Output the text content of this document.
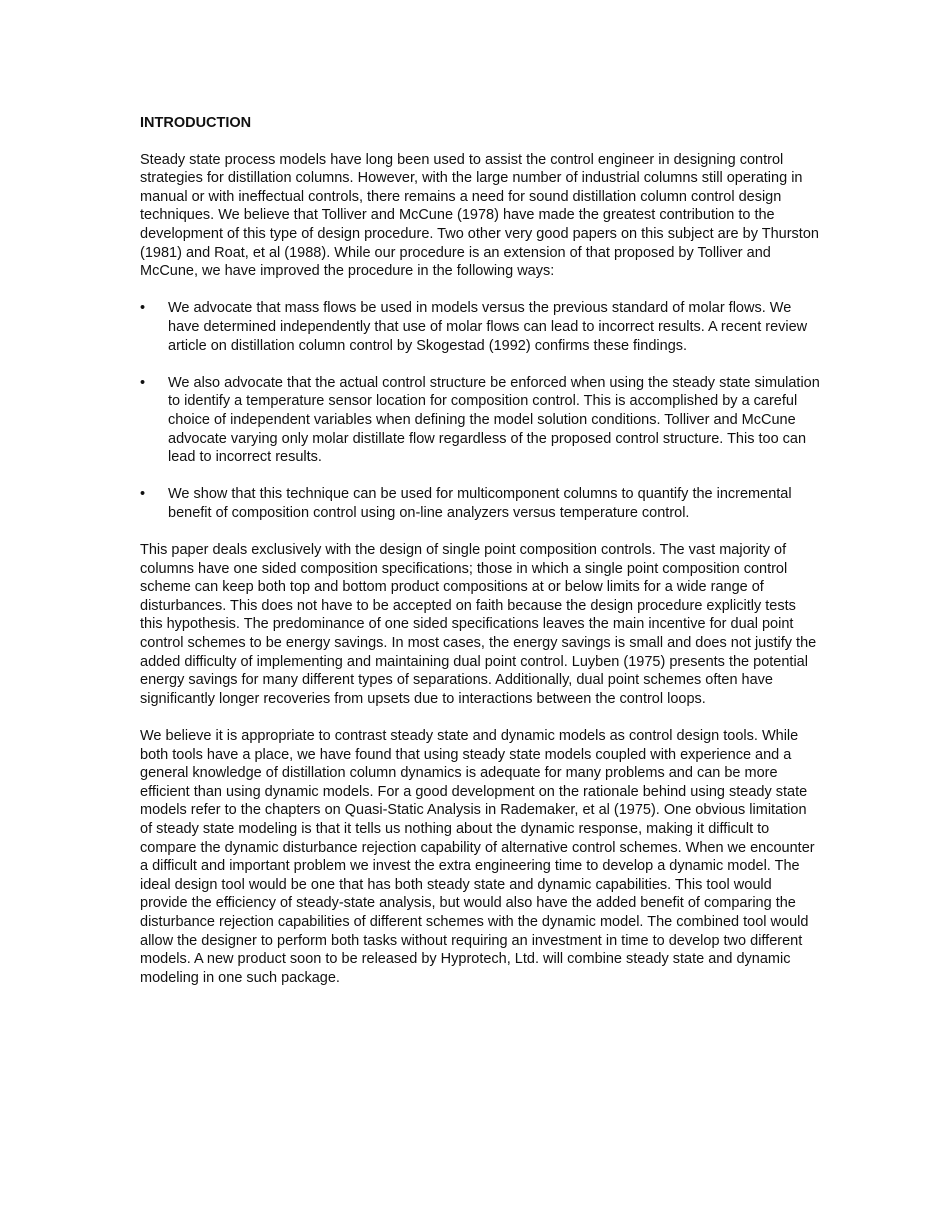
INTRODUCTION

Steady state process models have long been used to assist the control engineer in designing control strategies for distillation columns. However, with the large number of industrial columns still operating in manual or with ineffectual controls, there remains a need for sound distillation column control design techniques. We believe that Tolliver and McCune (1978) have made the greatest contribution to the development of this type of design procedure. Two other very good papers on this subject are by Thurston (1981) and Roat, et al (1988). While our procedure is an extension of that proposed by Tolliver and McCune, we have improved the procedure in the following ways:

•	We advocate that mass flows be used in models versus the previous standard of molar flows. We have determined independently that use of molar flows can lead to incorrect results. A recent review article on distillation column control by Skogestad (1992) confirms these findings.
•	We also advocate that the actual control structure be enforced when using the steady state simulation to identify a temperature sensor location for composition control. This is accomplished by a careful choice of independent variables when defining the model solution conditions. Tolliver and McCune advocate varying only molar distillate flow regardless of the proposed control structure. This too can lead to incorrect results.
•	We show that this technique can be used for multicomponent columns to quantify the incremental benefit of composition control using on-line analyzers versus temperature control.

This paper deals exclusively with the design of single point composition controls. The vast majority of columns have one sided composition specifications; those in which a single point composition control scheme can keep both top and bottom product compositions at or below limits for a wide range of disturbances. This does not have to be accepted on faith because the design procedure explicitly tests this hypothesis. The predominance of one sided specifications leaves the main incentive for dual point control schemes to be energy savings. In most cases, the energy savings is small and does not justify the added difficulty of implementing and maintaining dual point control. Luyben (1975) presents the potential energy savings for many different types of separations. Additionally, dual point schemes often have significantly longer recoveries from upsets due to interactions between the control loops.

We believe it is appropriate to contrast steady state and dynamic models as control design tools. While both tools have a place, we have found that using steady state models coupled with experience and a general knowledge of distillation column dynamics is adequate for many problems and can be more efficient than using dynamic models. For a good development on the rationale behind using steady state models refer to the chapters on Quasi-Static Analysis in Rademaker, et al (1975). One obvious limitation of steady state modeling is that it tells us nothing about the dynamic response, making it difficult to compare the dynamic disturbance rejection capability of alternative control schemes. When we encounter a difficult and important problem we invest the extra engineering time to develop a dynamic model. The ideal design tool would be one that has both steady state and dynamic capabilities. This tool would provide the efficiency of steady-state analysis, but would also have the added benefit of comparing the disturbance rejection capabilities of different schemes with the dynamic model. The combined tool would allow the designer to perform both tasks without requiring an investment in time to develop two different models. A new product soon to be released by Hyprotech, Ltd. will combine steady state and dynamic modeling in one such package.
